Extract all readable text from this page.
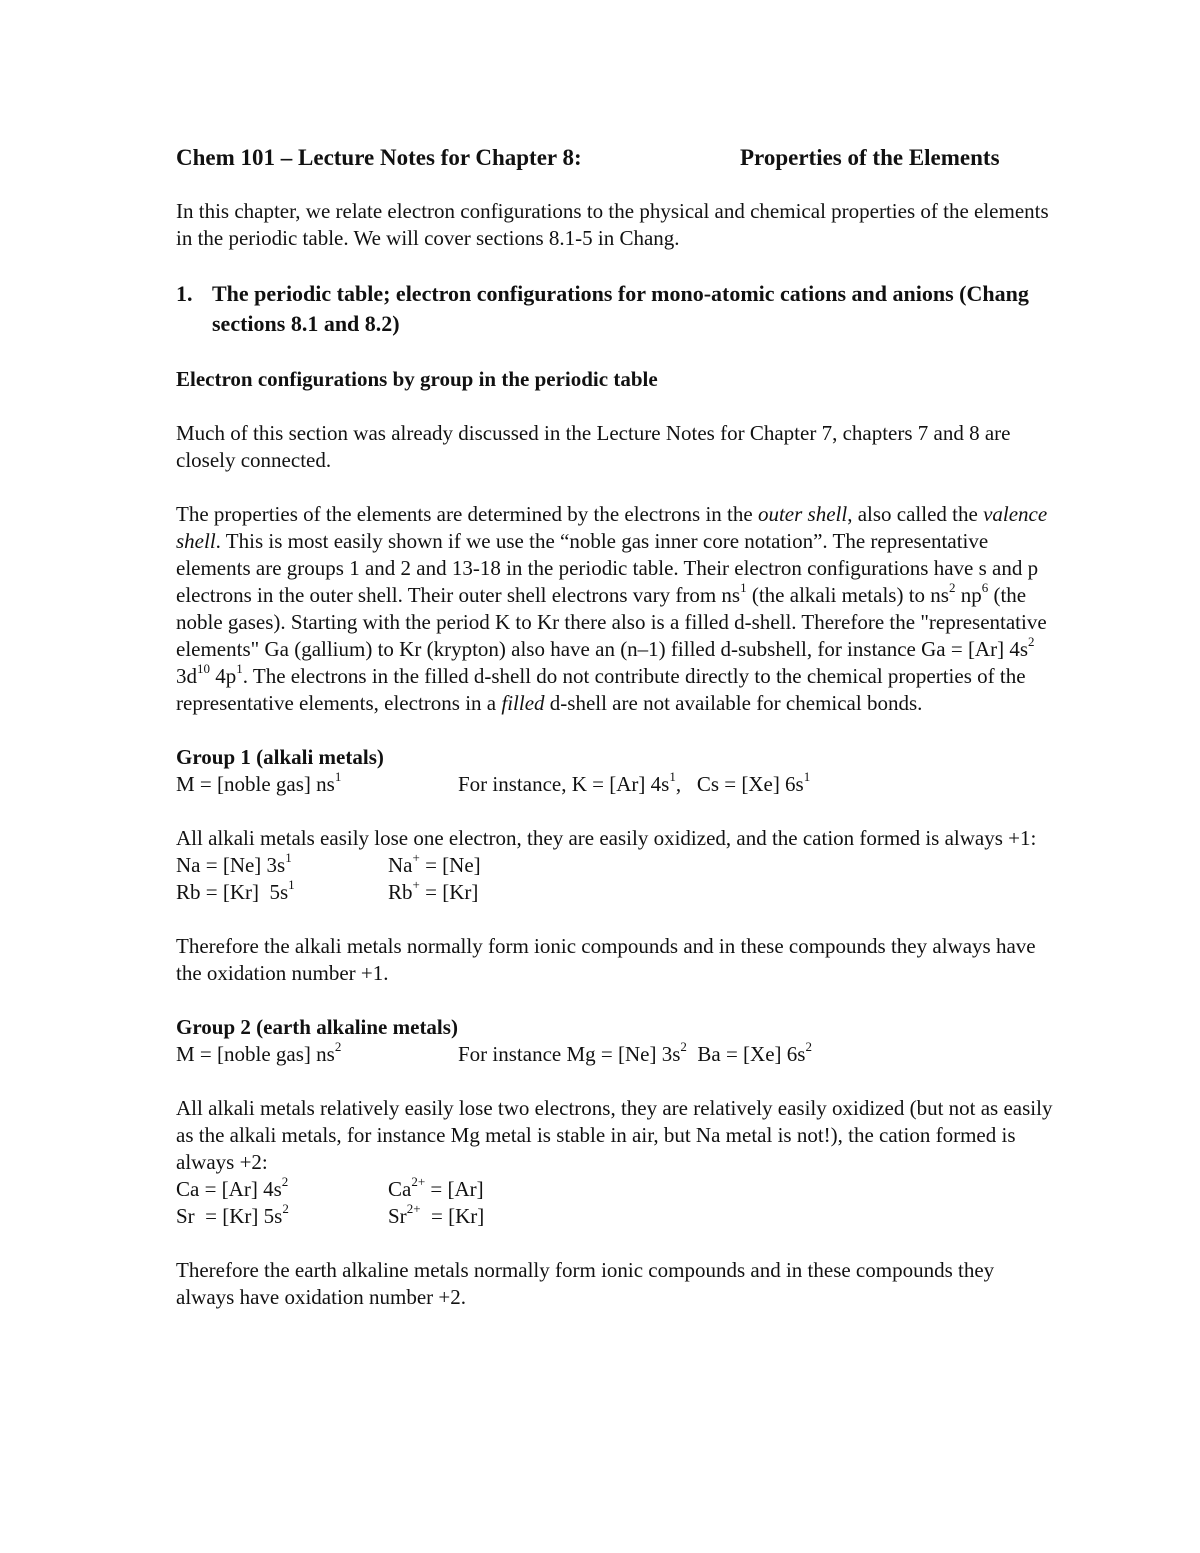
Chem 101 – Lecture Notes for Chapter 8:	Properties of the Elements

In this chapter, we relate electron configurations to the physical and chemical properties of the elements in the periodic table. We will cover sections 8.1-5 in Chang.

1. The periodic table; electron configurations for mono-atomic cations and anions (Chang sections 8.1 and 8.2)
Electron configurations by group in the periodic table

Much of this section was already discussed in the Lecture Notes for Chapter 7, chapters 7 and 8 are closely connected.

The properties of the elements are determined by the electrons in the outer shell, also called the valence shell. This is most easily shown if we use the “noble gas inner core notation”. The representative elements are groups 1 and 2 and 13-18 in the periodic table. Their electron configurations have s and p electrons in the outer shell. Their outer shell electrons vary from $ns^1$ (the alkali metals) to $ns^2$ $np^6$ (the noble gases). Starting with the period K to Kr there also is a filled d-shell. Therefore the "representative elements" Ga (gallium) to Kr (krypton) also have an (n–1) filled d-subshell, for instance Ga = [Ar] $4s^2$ $3d^{10}$ $4p^1$. The electrons in the filled d-shell do not contribute directly to the chemical properties of the representative elements, electrons in a filled d-shell are not available for chemical bonds.

Group 1 (alkali metals)
M = [noble gas] $ns^1$	For instance, K = [Ar] $4s^1$,   Cs = [Xe] $6s^1$
All alkali metals easily lose one electron, they are easily oxidized, and the cation formed is always +1:
Na = [Ne] $3s^1$	Na+ = [Ne]
Rb = [Kr]  $5s^1$	Rb+ = [Kr]

Therefore the alkali metals normally form ionic compounds and in these compounds they always have the oxidation number +1.

Group 2 (earth alkaline metals)
M = [noble gas] $ns^2$	For instance Mg = [Ne] $3s^2$  Ba = [Xe] $6s^2$
All alkali metals relatively easily lose two electrons, they are relatively easily oxidized (but not as easily as the alkali metals, for instance Mg metal is stable in air, but Na metal is not!), the cation formed is always +2:
Ca = [Ar] $4s^2$	$Ca^{2+} = [Ar]$
Sr  = [Kr] $5s^2$	$Sr^{2+} = [Kr]$

Therefore the earth alkaline metals normally form ionic compounds and in these compounds they always have oxidation number +2.
